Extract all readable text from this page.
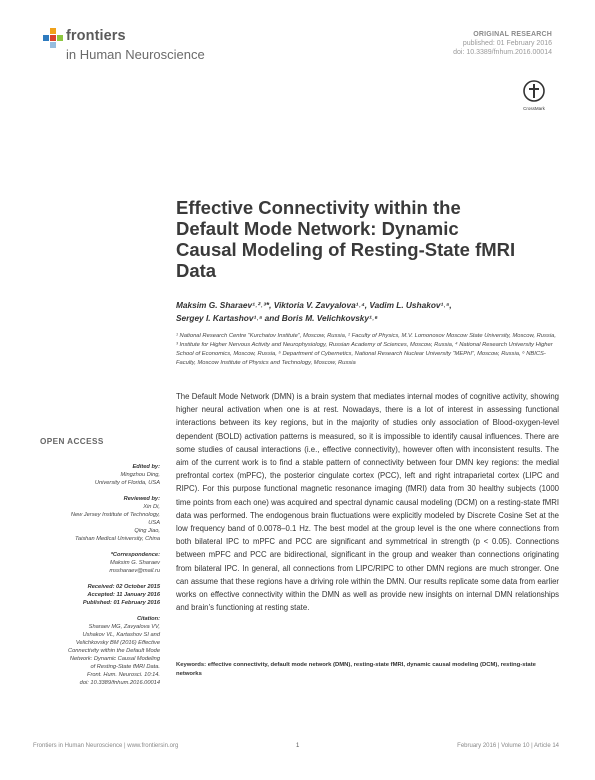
frontiers
in Human Neuroscience
ORIGINAL RESEARCH
published: 01 February 2016
doi: 10.3389/fnhum.2016.00014
CrossMark
Effective Connectivity within the Default Mode Network: Dynamic Causal Modeling of Resting-State fMRI Data
Maksim G. Sharaev¹˒²˒³*, Viktoria V. Zavyalova¹˒⁴, Vadim L. Ushakov¹˒⁵,
Sergey I. Kartashov¹˒⁵ and Boris M. Velichkovsky¹˒⁶
¹ National Research Centre “Kurchatov Institute”, Moscow, Russia, ² Faculty of Physics, M.V. Lomonosov Moscow State University, Moscow, Russia, ³ Institute for Higher Nervous Activity and Neurophysiology, Russian Academy of Sciences, Moscow, Russia, ⁴ National Research University Higher School of Economics, Moscow, Russia, ⁵ Department of Cybernetics, National Research Nuclear University “MEPhI”, Moscow, Russia, ⁶ NBICS-Faculty, Moscow Institute of Physics and Technology, Moscow, Russia
The Default Mode Network (DMN) is a brain system that mediates internal modes of cognitive activity, showing higher neural activation when one is at rest. Nowadays, there is a lot of interest in assessing functional interactions between its key regions, but in the majority of studies only association of Blood-oxygen-level dependent (BOLD) activation patterns is measured, so it is impossible to identify causal influences. There are some studies of causal interactions (i.e., effective connectivity), however often with inconsistent results. The aim of the current work is to find a stable pattern of connectivity between four DMN key regions: the medial prefrontal cortex (mPFC), the posterior cingulate cortex (PCC), left and right intraparietal cortex (LIPC and RIPC). For this purpose functional magnetic resonance imaging (fMRI) data from 30 healthy subjects (1000 time points from each one) was acquired and spectral dynamic causal modeling (DCM) on a resting-state fMRI data was performed. The endogenous brain fluctuations were explicitly modeled by Discrete Cosine Set at the low frequency band of 0.0078–0.1 Hz. The best model at the group level is the one where connections from both bilateral IPC to mPFC and PCC are significant and symmetrical in strength (p < 0.05). Connections between mPFC and PCC are bidirectional, significant in the group and weaker than connections originating from bilateral IPC. In general, all connections from LIPC/RIPC to other DMN regions are much stronger. One can assume that these regions have a driving role within the DMN. Our results replicate some data from earlier works on effective connectivity within the DMN as well as provide new insights on internal DMN relationships and brain’s functioning at resting state.
Keywords: effective connectivity, default mode network (DMN), resting-state fMRI, dynamic causal modeling (DCM), resting-state networks
OPEN ACCESS
Edited by:
Mingzhou Ding,
University of Florida, USA
Reviewed by:
Xin Di,
New Jersey Institute of Technology,
USA
Qing Jiao,
Taishan Medical University, China
*Correspondence:
Maksim G. Sharaev
mssharaev@mail.ru
Received: 02 October 2015
Accepted: 11 January 2016
Published: 01 February 2016
Citation:
Sharaev MG, Zavyalova VV,
Ushakov VL, Kartashov SI and
Velichkovsky BM (2016) Effective
Connectivity within the Default Mode
Network: Dynamic Causal Modeling
of Resting-State fMRI Data.
Front. Hum. Neurosci. 10:14.
doi: 10.3389/fnhum.2016.00014
Frontiers in Human Neuroscience | www.frontiersin.org	1	February 2016 | Volume 10 | Article 14
